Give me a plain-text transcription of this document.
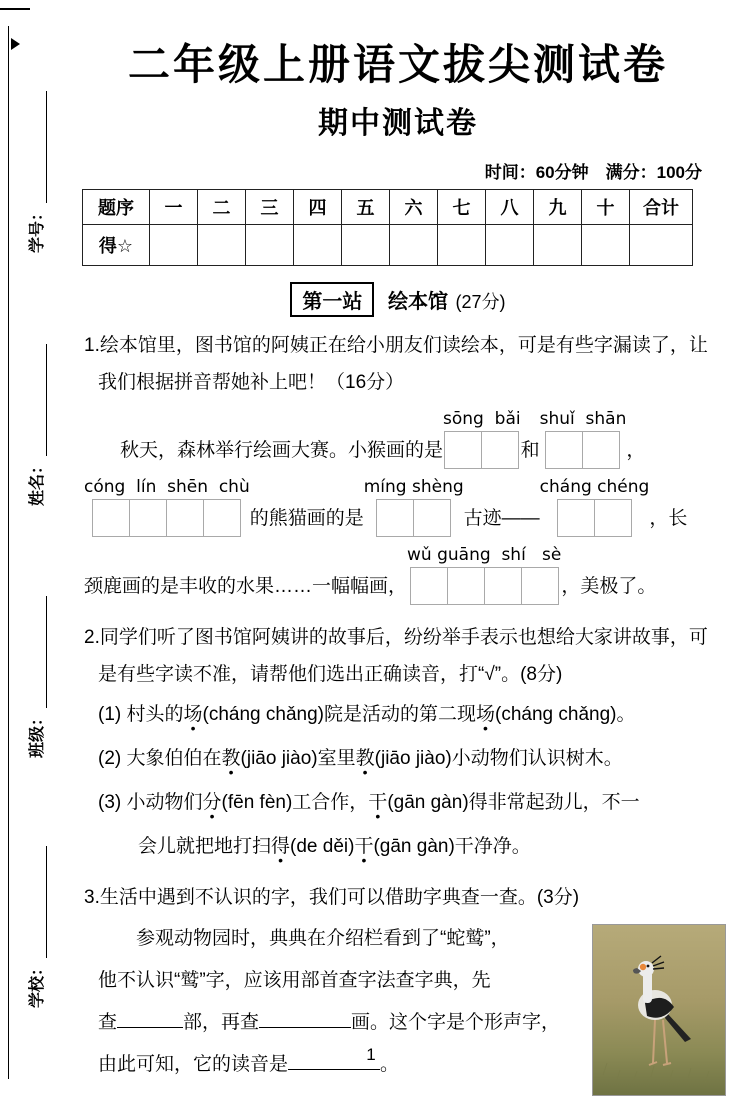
学号：
姓名：
班级：
学校：
二年级上册语文拔尖测试卷
期中测试卷
时间：60分钟　满分：100分
题序	一	二	三	四	五	六	七	八	九	十	合计
得☆											
第一站 绘本馆 (27分)
1.绘本馆里，图书馆的阿姨正在给小朋友们读绘本，可是有些字漏读了，让
我们根据拼音帮她补上吧！（16分）
秋天，森林举行绘画大赛。小猴画的是
sōng  bǎi
和
shuǐ  shān
，
cóng  lín  shēn  chù
的熊猫画的是
míng shèng
古迹——
cháng chéng
，长
颈鹿画的是丰收的水果……一幅幅画，
wǔ guāng  shí   sè
，美极了。
2.同学们听了图书馆阿姨讲的故事后，纷纷举手表示也想给大家讲故事，可
是有些字读不准，请帮他们选出正确读音，打“√”。(8分)
(1) 村头的场(cháng chǎng)院是活动的第二现场(cháng chǎng)。
(2) 大象伯伯在教(jiāo jiào)室里教(jiāo jiào)小动物们认识树木。
(3) 小动物们分(fēn fèn)工合作，干(gān gàn)得非常起劲儿，不一
会儿就把地打扫得(de děi)干(gān gàn)干净净。
3.生活中遇到不认识的字，我们可以借助字典查一查。(3分)
参观动物园时，典典在介绍栏看到了“蛇鹫”，
他不认识“鹫”字，应该用部首查字法查字典，先
查	部，再查	画。这个字是个形声字，
由此可知，它的读音是	。
1
